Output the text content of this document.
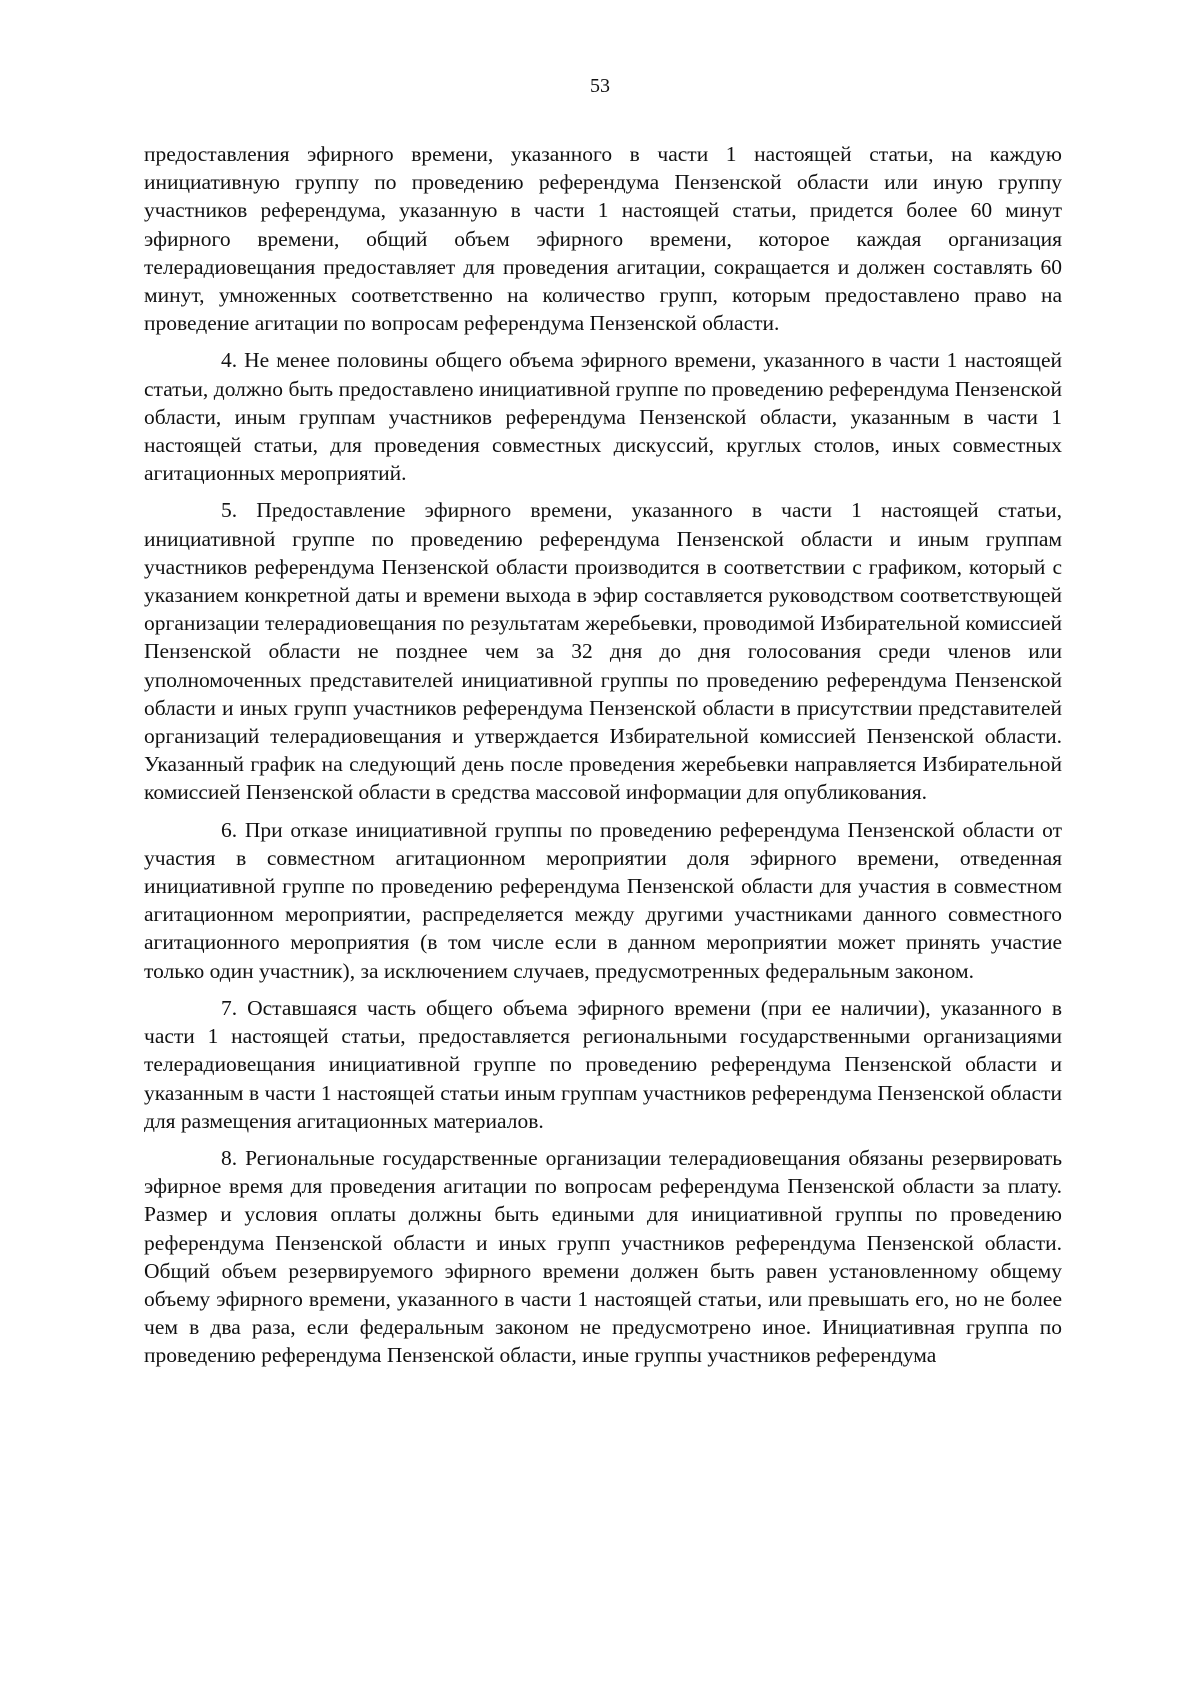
53

предоставления эфирного времени, указанного в части 1 настоящей статьи, на каждую инициативную группу по проведению референдума Пензенской области или иную группу участников референдума, указанную в части 1 настоящей статьи, придется более 60 минут эфирного времени, общий объем эфирного времени, которое каждая организация телерадиовещания предоставляет для проведения агитации, сокращается и должен составлять 60 минут, умноженных соответственно на количество групп, которым предоставлено право на проведение агитации по вопросам референдума Пензенской области.

4. Не менее половины общего объема эфирного времени, указанного в части 1 настоящей статьи, должно быть предоставлено инициативной группе по проведению референдума Пензенской области, иным группам участников референдума Пензенской области, указанным в части 1 настоящей статьи, для проведения совместных дискуссий, круглых столов, иных совместных агитационных мероприятий.

5. Предоставление эфирного времени, указанного в части 1 настоящей статьи, инициативной группе по проведению референдума Пензенской области и иным группам участников референдума Пензенской области производится в соответствии с графиком, который с указанием конкретной даты и времени выхода в эфир составляется руководством соответствующей организации телерадиовещания по результатам жеребьевки, проводимой Избирательной комиссией Пензенской области не позднее чем за 32 дня до дня голосования среди членов или уполномоченных представителей инициативной группы по проведению референдума Пензенской области и иных групп участников референдума Пензенской области в присутствии представителей организаций телерадиовещания и утверждается Избирательной комиссией Пензенской области. Указанный график на следующий день после проведения жеребьевки направляется Избирательной комиссией Пензенской области в средства массовой информации для опубликования.

6. При отказе инициативной группы по проведению референдума Пензенской области от участия в совместном агитационном мероприятии доля эфирного времени, отведенная инициативной группе по проведению референдума Пензенской области для участия в совместном агитационном мероприятии, распределяется между другими участниками данного совместного агитационного мероприятия (в том числе если в данном мероприятии может принять участие только один участник), за исключением случаев, предусмотренных федеральным законом.

7. Оставшаяся часть общего объема эфирного времени (при ее наличии), указанного в части 1 настоящей статьи, предоставляется региональными государственными организациями телерадиовещания инициативной группе по проведению референдума Пензенской области и указанным в части 1 настоящей статьи иным группам участников референдума Пензенской области для размещения агитационных материалов.

8. Региональные государственные организации телерадиовещания обязаны резервировать эфирное время для проведения агитации по вопросам референдума Пензенской области за плату. Размер и условия оплаты должны быть едиными для инициативной группы по проведению референдума Пензенской области и иных групп участников референдума Пензенской области. Общий объем резервируемого эфирного времени должен быть равен установленному общему объему эфирного времени, указанного в части 1 настоящей статьи, или превышать его, но не более чем в два раза, если федеральным законом не предусмотрено иное. Инициативная группа по проведению референдума Пензенской области, иные группы участников референдума
